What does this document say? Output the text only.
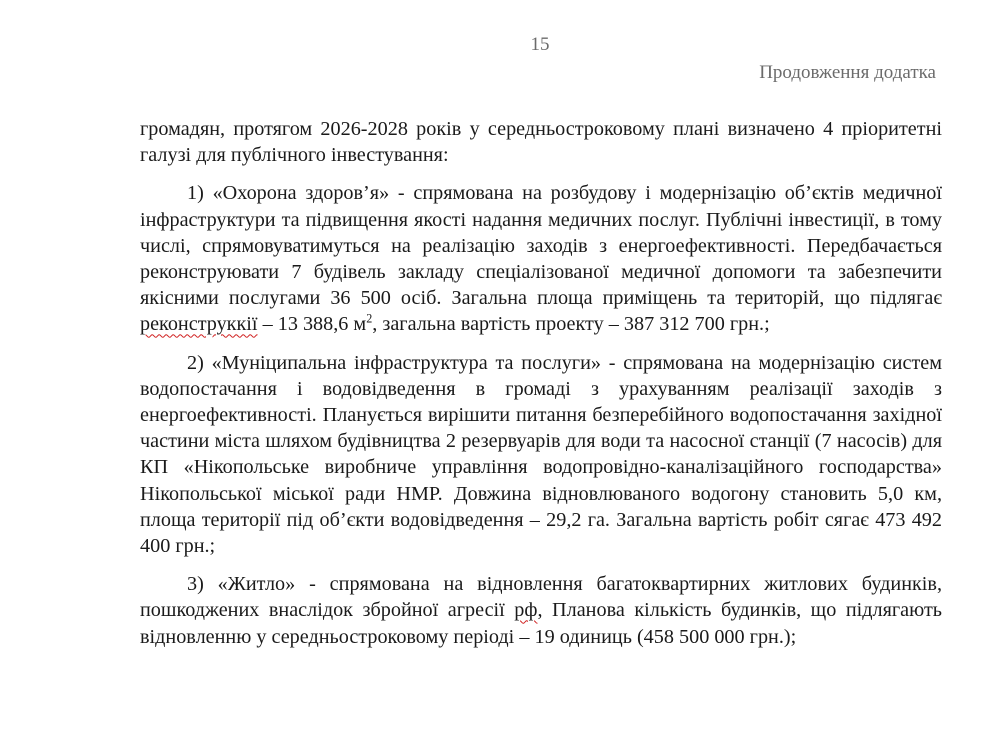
15
Продовження додатка

громадян, протягом 2026-2028 років у середньостроковому плані визначено 4 пріоритетні галузі для публічного інвестування:

1) «Охорона здоров’я» - спрямована на розбудову і модернізацію об’єктів медичної інфраструктури та підвищення якості надання медичних послуг. Публічні інвестиції, в тому числі, спрямовуватимуться на реалізацію заходів з енергоефективності. Передбачається реконструювати 7 будівель закладу спеціалізованої медичної допомоги та забезпечити якісними послугами 36 500 осіб. Загальна площа приміщень та територій, що підлягає реконструккії – 13 388,6 $м^2$, загальна вартість проекту – 387 312 700 грн.;

2) «Муніципальна інфраструктура та послуги» - спрямована на модернізацію систем водопостачання і водовідведення в громаді з урахуванням реалізації заходів з енергоефективності. Планується вирішити питання безперебійного водопостачання західної частини міста шляхом будівництва 2 резервуарів для води та насосної станції (7 насосів) для КП «Нікопольське виробниче управління водопровідно-каналізаційного господарства» Нікопольської міської ради НМР. Довжина відновлюваного водогону становить 5,0 км, площа території під об’єкти водовідведення – 29,2 га. Загальна вартість робіт сягає 473 492 400 грн.;

3) «Житло» - спрямована на відновлення багатоквартирних житлових будинків, пошкоджених внаслідок збройної агресії рф, Планова кількість будинків, що підлягають відновленню у середньостроковому періоді – 19 одиниць (458 500 000 грн.);
